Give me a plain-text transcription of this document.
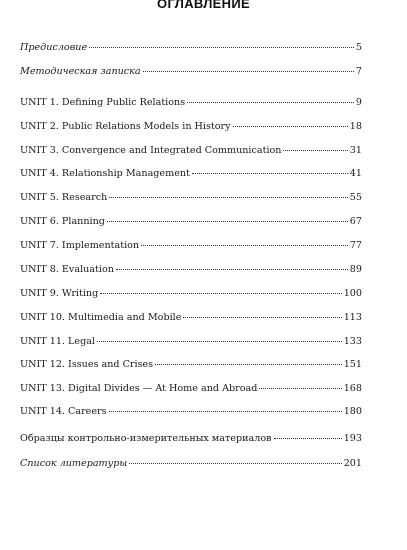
ОГЛАВЛЕНИЕ
Предисловие	5
Методическая записка	7
UNIT 1. Defining Public Relations	9
UNIT 2. Public Relations Models in History	18
UNIT 3. Convergence and Integrated Communication	31
UNIT 4. Relationship Management	41
UNIT 5. Research	55
UNIT 6. Planning	67
UNIT 7. Implementation	77
UNIT 8. Evaluation	89
UNIT 9. Writing	100
UNIT 10. Multimedia and Mobile	113
UNIT 11. Legal	133
UNIT 12. Issues and Crises	151
UNIT 13. Digital Divides — At Home and Abroad	168
UNIT 14. Careers	180
Образцы контрольно-измерительных материалов	193
Список литературы	201
